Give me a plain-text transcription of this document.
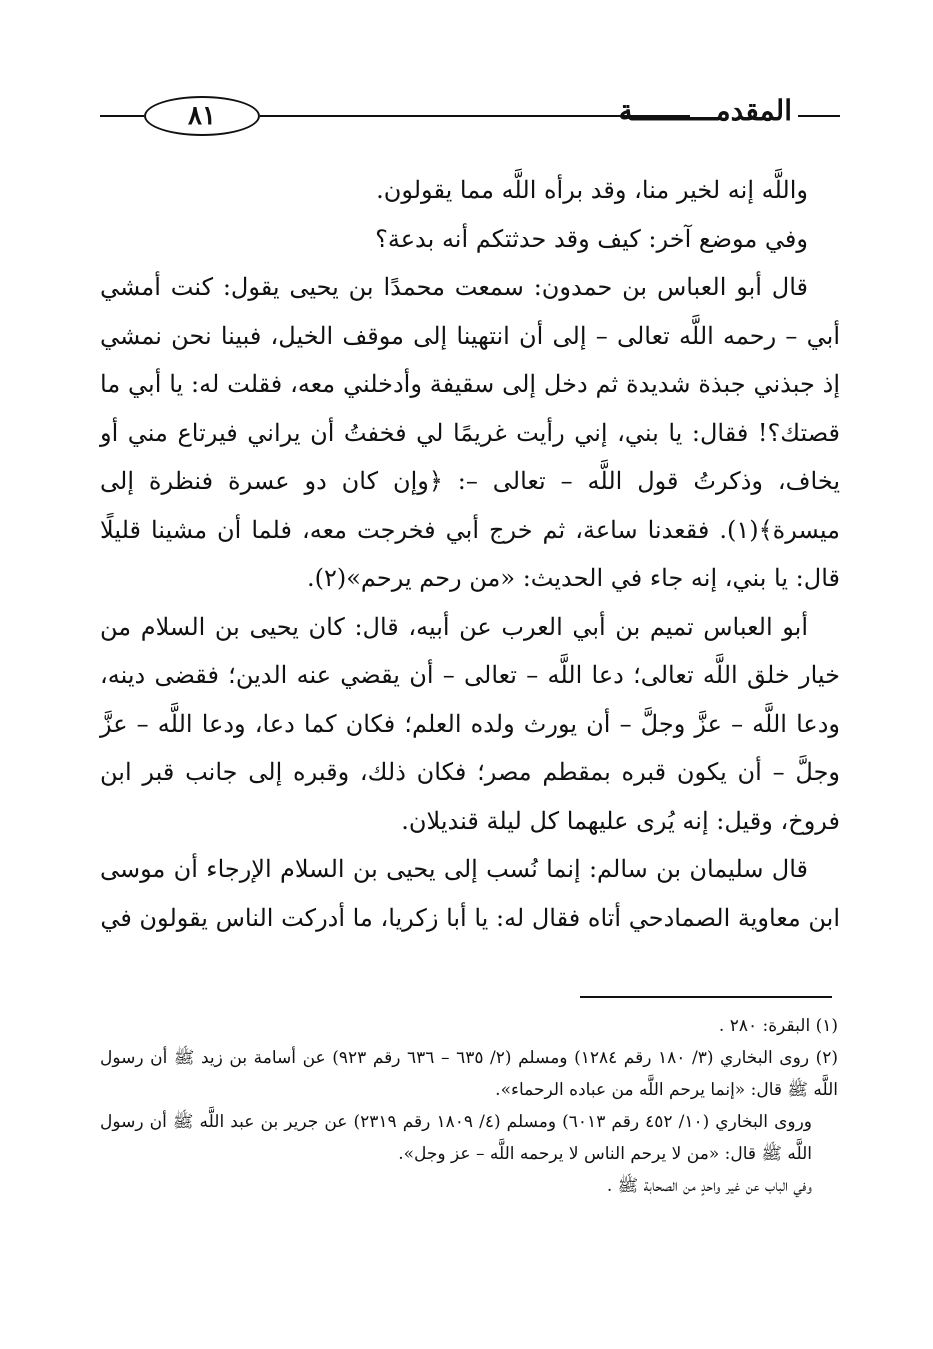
٨١	المقدمــــــــــة

واللَّه إنه لخير منا، وقد برأه اللَّه مما يقولون.

وفي موضع آخر: كيف وقد حدثتكم أنه بدعة؟

قال أبو العباس بن حمدون: سمعت محمدًا بن يحيى يقول: كنت أمشي أبي – رحمه اللَّه تعالى – إلى أن انتهينا إلى موقف الخيل، فبينا نحن نمشي إذ جبذني جبذة شديدة ثم دخل إلى سقيفة وأدخلني معه، فقلت له: يا أبي ما قصتك؟! فقال: يا بني، إني رأيت غريمًا لي فخفتُ أن يراني فيرتاع مني أو يخاف، وذكرتُ قول اللَّه – تعالى –: ﴿وإن كان دو عسرة فنظرة إلى ميسرة﴾(١). فقعدنا ساعة، ثم خرج أبي فخرجت معه، فلما أن مشينا قليلًا قال: يا بني، إنه جاء في الحديث: «من رحم يرحم»(٢).

أبو العباس تميم بن أبي العرب عن أبيه، قال: كان يحيى بن السلام من خيار خلق اللَّه تعالى؛ دعا اللَّه – تعالى – أن يقضي عنه الدين؛ فقضى دينه، ودعا اللَّه – عزَّ وجلَّ – أن يورث ولده العلم؛ فكان كما دعا، ودعا اللَّه – عزَّ وجلَّ – أن يكون قبره بمقطم مصر؛ فكان ذلك، وقبره إلى جانب قبر ابن فروخ، وقيل: إنه يُرى عليهما كل ليلة قنديلان.

قال سليمان بن سالم: إنما نُسب إلى يحيى بن السلام الإرجاء أن موسى ابن معاوية الصمادحي أتاه فقال له: يا أبا زكريا، ما أدركت الناس يقولون في

(١) البقرة: ٢٨٠ .

(٢) روى البخاري (٣/ ١٨٠ رقم ١٢٨٤) ومسلم (٢/ ٦٣٥ – ٦٣٦ رقم ٩٢٣) عن أسامة بن زيد ﷺ أن رسول اللَّه ﷺ قال: «إنما يرحم اللَّه من عباده الرحماء».

وروى البخاري (١٠/ ٤٥٢ رقم ٦٠١٣) ومسلم (٤/ ١٨٠٩ رقم ٢٣١٩) عن جرير بن عبد اللَّه ﷺ أن رسول اللَّه ﷺ قال: «من لا يرحم الناس لا يرحمه اللَّه – عز وجل».

وفي الباب عن غير واحدٍ من الصحابة ﷺ .
